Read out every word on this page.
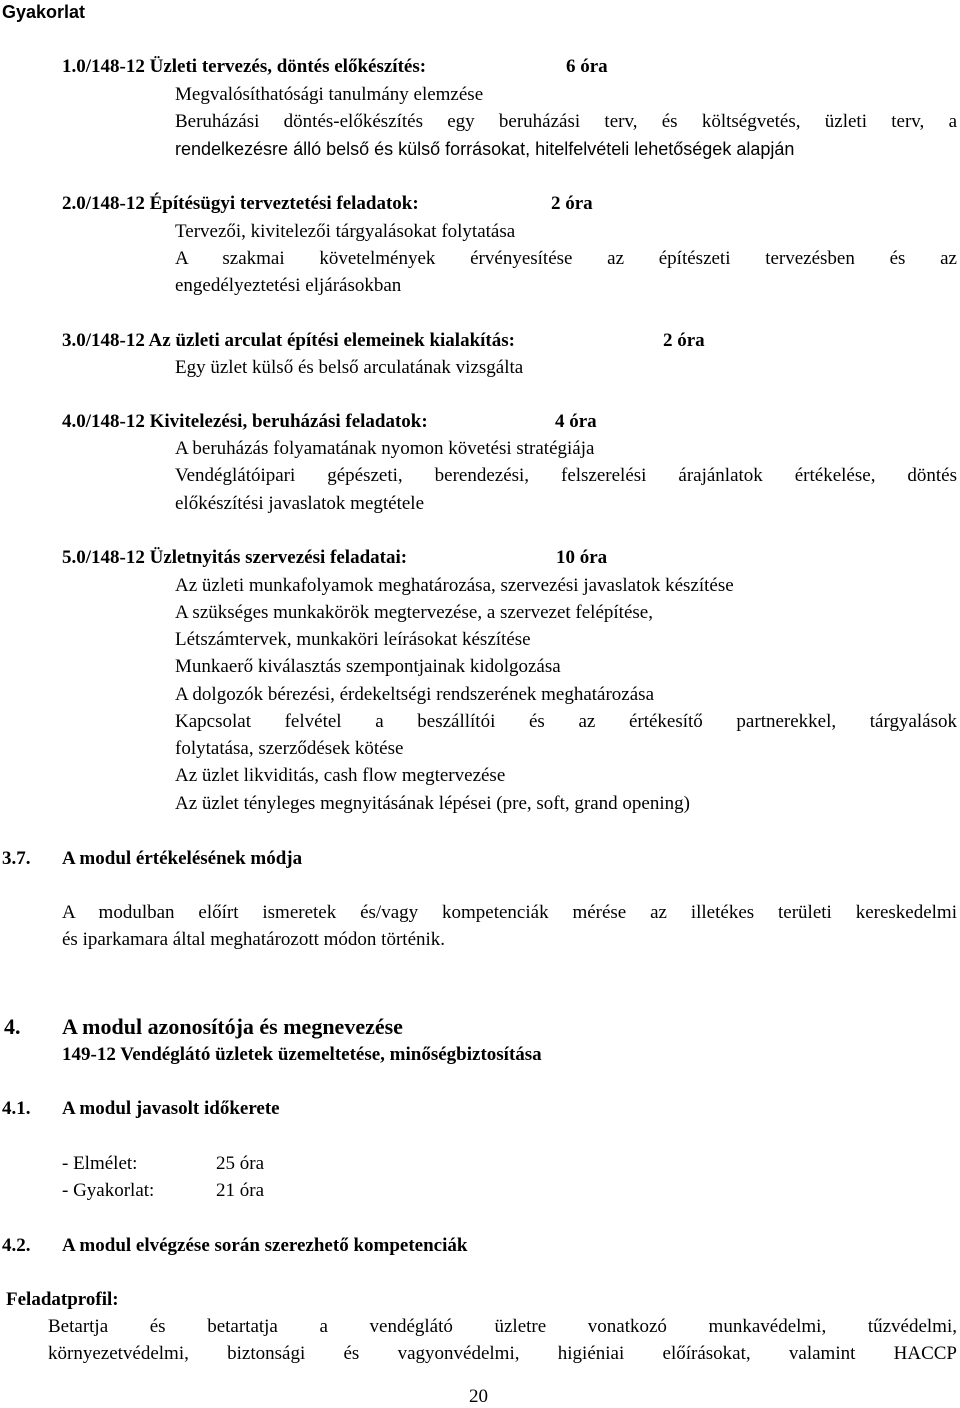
Gyakorlat
1.0/148-12 Üzleti tervezés, döntés előkészítés:	6 óra
Megvalósíthatósági tanulmány elemzése
Beruházási döntés-előkészítés egy beruházási terv, és költségvetés, üzleti terv, a
rendelkezésre álló belső és külső forrásokat, hitelfelvételi lehetőségek alapján
2.0/148-12 Építésügyi terveztetési feladatok:	2 óra
Tervezői, kivitelezői tárgyalásokat folytatása
A szakmai követelmények érvényesítése az építészeti tervezésben és az
engedélyeztetési eljárásokban
3.0/148-12 Az üzleti arculat építési elemeinek kialakítás:	2 óra
Egy üzlet külső és belső arculatának vizsgálta
4.0/148-12 Kivitelezési, beruházási feladatok:	4 óra
A beruházás folyamatának nyomon követési stratégiája
Vendéglátóipari gépészeti, berendezési, felszerelési árajánlatok értékelése, döntés
előkészítési javaslatok megtétele
5.0/148-12 Üzletnyitás szervezési feladatai:	10 óra
Az üzleti munkafolyamok meghatározása, szervezési javaslatok készítése
A szükséges munkakörök megtervezése, a szervezet felépítése,
Létszámtervek, munkaköri leírásokat készítése
Munkaerő kiválasztás szempontjainak kidolgozása
A dolgozók bérezési, érdekeltségi rendszerének meghatározása
Kapcsolat felvétel a beszállítói és az értékesítő partnerekkel, tárgyalások
folytatása, szerződések kötése
Az üzlet likviditás, cash flow megtervezése
Az üzlet tényleges megnyitásának lépései (pre, soft, grand opening)
3.7. A modul értékelésének módja
A modulban előírt ismeretek és/vagy kompetenciák mérése az illetékes területi kereskedelmi
és iparkamara által meghatározott módon történik.
4. A modul azonosítója és megnevezése
149-12 Vendéglátó üzletek üzemeltetése, minőségbiztosítása
4.1. A modul javasolt időkerete
- Elmélet:	25 óra
- Gyakorlat:	21 óra
4.2. A modul elvégzése során szerezhető kompetenciák
Feladatprofil:
Betartja és betartatja a vendéglátó üzletre vonatkozó munkavédelmi, tűzvédelmi,
környezetvédelmi, biztonsági és vagyonvédelmi, higiéniai előírásokat, valamint HACCP
20
